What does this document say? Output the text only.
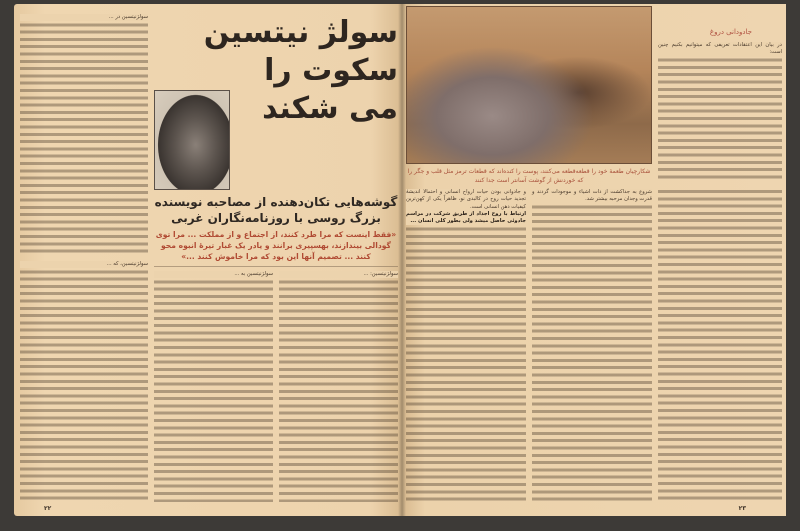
سولژنیتسین در ...
سولژنیتسین، که ...
سولژ نیتسین سکوت را
می شکند
گوشه‌هایی تکان‌دهنده از مصاحبه نویسنده بزرگ روسی با روزنامه‌نگاران غربی
«فقط اینست که مرا طرد کنند، از اجتماع و از مملکت ... مرا توی گودالی بیندازند، بهسپیری برانند و یادر یک غبار تیرهٔ انبوه محو کنند ... تصمیم آنها این بود که مرا خاموش کنند ...»
سولژنیتسین به ...	سولژنیتسین: ...
۲۲
شکارچیان طعمهٔ خود را قطعه‌قطعه می‌کنند، پوست را کنده‌اند که قطعات ترمز مثل قلب و جگر را که خوردنش از گوشت آسانتر است جدا کنند
و جادوانی بودن حیات ارواح انسانی و احتمالا اندیشهٔ تجدید حیات روح در کالبدی نو، ظاهراً یکی از کهن‌ترین کیفیات ذهن انسانی است.
ارتباط با روح اجداد از طریق شرکت در مراسم جادوئی حاصل میشد ولی بطور کلی انسان ...
شروع به جداکشت از ذات اشیاء و موجودات گردند و قدرت وجدان مرحبه بیشتر شد.
جادودانی دروغ
در بیان این اعتقادات تعریفی که میتوانیم بکنیم چنین است:
۲۳
